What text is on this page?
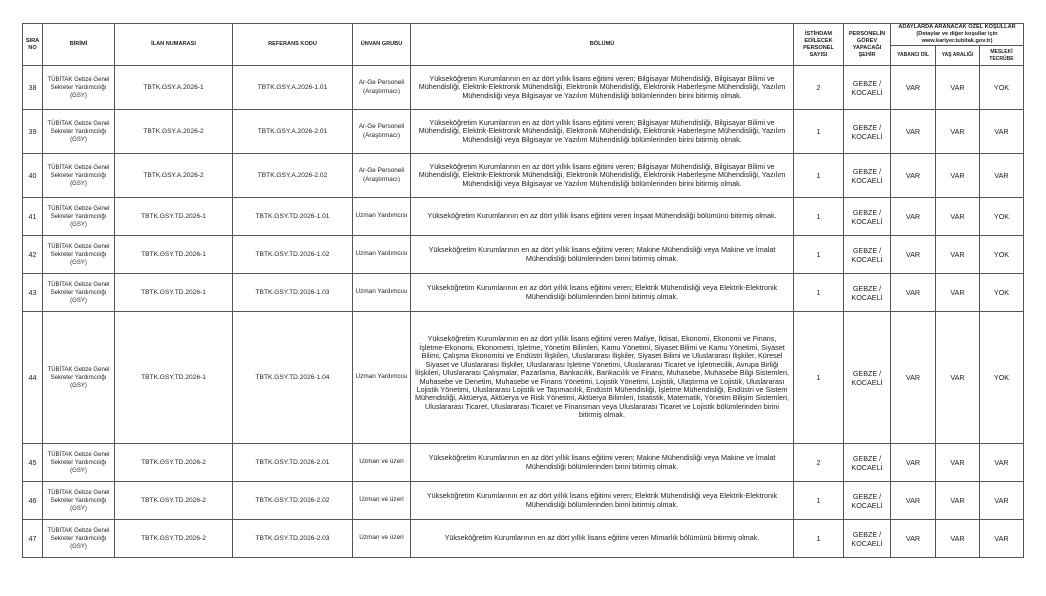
SIRA NO	BİRİMİ	İLAN NUMARASI	REFERANS KODU	ÜNVAN GRUBU	BÖLÜMÜ	İSTİHDAM EDİLECEK PERSONEL SAYISI	PERSONELİN GÖREV YAPACAĞI ŞEHİR	ADAYLARDA ARANACAK ÖZEL KOŞULLAR (Detaylar ve diğer koşullar için www.kariyer.tubitak.gov.tr)		
								YABANCI DİL	YAŞ ARALIĞI	MESLEKİ TECRÜBE
38	TÜBİTAK Gebze Genel Sekreter Yardımcılığı (GSY)	TBTK.GSY.A.2026-1	TBTK.GSY.A.2026-1.01	Ar-Ge Personeli (Araştırmacı)	Yükseköğretim Kurumlarının en az dört yıllık lisans eğitimi veren; Bilgisayar Mühendisliği, Bilgisayar Bilimi ve Mühendisliği, Elektrik-Elektronik Mühendisliği, Elektronik Mühendisliği, Elektronik Haberleşme Mühendisliği, Yazılım Mühendisliği veya Bilgisayar ve Yazılım Mühendisliği bölümlerinden birini bitirmiş olmak.	2	GEBZE / KOCAELİ	VAR	VAR	YOK
39	TÜBİTAK Gebze Genel Sekreter Yardımcılığı (GSY)	TBTK.GSY.A.2026-2	TBTK.GSY.A.2026-2.01	Ar-Ge Personeli (Araştırmacı)	Yükseköğretim Kurumlarının en az dört yıllık lisans eğitimi veren; Bilgisayar Mühendisliği, Bilgisayar Bilimi ve Mühendisliği, Elektrik-Elektronik Mühendisliği, Elektronik Mühendisliği, Elektronik Haberleşme Mühendisliği, Yazılım Mühendisliği veya Bilgisayar ve Yazılım Mühendisliği bölümlerinden birini bitirmiş olmak.	1	GEBZE / KOCAELİ	VAR	VAR	VAR
40	TÜBİTAK Gebze Genel Sekreter Yardımcılığı (GSY)	TBTK.GSY.A.2026-2	TBTK.GSY.A.2026-2.02	Ar-Ge Personeli (Araştırmacı)	Yükseköğretim Kurumlarının en az dört yıllık lisans eğitimi veren; Bilgisayar Mühendisliği, Bilgisayar Bilimi ve Mühendisliği, Elektrik-Elektronik Mühendisliği, Elektronik Mühendisliği, Elektronik Haberleşme Mühendisliği, Yazılım Mühendisliği veya Bilgisayar ve Yazılım Mühendisliği bölümlerinden birini bitirmiş olmak.	1	GEBZE / KOCAELİ	VAR	VAR	VAR
41	TÜBİTAK Gebze Genel Sekreter Yardımcılığı (GSY)	TBTK.GSY.TD.2026-1	TBTK.GSY.TD.2026-1.01	Uzman Yardımcısı	Yükseköğretim Kurumlarının en az dört yıllık lisans eğitimi veren İnşaat Mühendisliği bölümünü bitirmiş olmak.	1	GEBZE / KOCAELİ	VAR	VAR	YOK
42	TÜBİTAK Gebze Genel Sekreter Yardımcılığı (GSY)	TBTK.GSY.TD.2026-1	TBTK.GSY.TD.2026-1.02	Uzman Yardımcısı	Yükseköğretim Kurumlarının en az dört yıllık lisans eğitimi veren; Makine Mühendisliği veya Makine ve İmalat Mühendisliği bölümlerinden birini bitirmiş olmak.	1	GEBZE / KOCAELİ	VAR	VAR	YOK
43	TÜBİTAK Gebze Genel Sekreter Yardımcılığı (GSY)	TBTK.GSY.TD.2026-1	TBTK.GSY.TD.2026-1.03	Uzman Yardımcısı	Yükseköğretim Kurumlarının en az dört yıllık lisans eğitimi veren; Elektrik Mühendisliği veya Elektrik-Elektronik Mühendisliği bölümlerinden birini bitirmiş olmak.	1	GEBZE / KOCAELİ	VAR	VAR	YOK
44	TÜBİTAK Gebze Genel Sekreter Yardımcılığı (GSY)	TBTK.GSY.TD.2026-1	TBTK.GSY.TD.2026-1.04	Uzman Yardımcısı	Yükseköğretim Kurumlarının en az dört yıllık lisans eğitimi veren Maliye, İktisat, Ekonomi, Ekonomi ve Finans, İşletme-Ekonomi, Ekonometri, İşletme, Yönetim Bilimleri, Kamu Yönetimi, Siyaset Bilimi ve Kamu Yönetimi, Siyaset Bilimi, Çalışma Ekonomisi ve Endüstri İlişkileri, Uluslararası İlişkiler, Siyaset Bilimi ve Uluslararası İlişkiler, Küresel Siyaset ve Uluslararası İlişkiler, Uluslararası İşletme Yönetimi, Uluslararası Ticaret ve İşletmecilik, Avrupa Birliği İlişkileri, Uluslararası Çalışmalar, Pazarlama, Bankacılık, Bankacılık ve Finans, Muhasebe, Muhasebe Bilgi Sistemleri, Muhasebe ve Denetim, Muhasebe ve Finans Yönetimi, Lojistik Yönetimi, Lojistik, Ulaştırma ve Lojistik, Uluslararası Lojistik Yönetimi, Uluslararası Lojistik ve Taşımacılık, Endüstri Mühendisliği, İşletme Mühendisliği, Endüstri ve Sistem Mühendisliği, Aktüerya, Aktüerya ve Risk Yönetimi, Aktüerya Bilimleri, İstatistik, Matematik, Yönetim Bilişim Sistemleri, Uluslararası Ticaret, Uluslararası Ticaret ve Finansman veya Uluslararası Ticaret ve Lojistik bölümlerinden birini bitirmiş olmak.	1	GEBZE / KOCAELİ	VAR	VAR	YOK
45	TÜBİTAK Gebze Genel Sekreter Yardımcılığı (GSY)	TBTK.GSY.TD.2026-2	TBTK.GSY.TD.2026-2.01	Uzman ve üzeri	Yükseköğretim Kurumlarının en az dört yıllık lisans eğitimi veren; Makine Mühendisliği veya Makine ve İmalat Mühendisliği bölümlerinden birini bitirmiş olmak.	2	GEBZE / KOCAELİ	VAR	VAR	VAR
46	TÜBİTAK Gebze Genel Sekreter Yardımcılığı (GSY)	TBTK.GSY.TD.2026-2	TBTK.GSY.TD.2026-2.02	Uzman ve üzeri	Yükseköğretim Kurumlarının en az dört yıllık lisans eğitimi veren; Elektrik Mühendisliği veya Elektrik-Elektronik Mühendisliği bölümlerinden birini bitirmiş olmak.	1	GEBZE / KOCAELİ	VAR	VAR	VAR
47	TÜBİTAK Gebze Genel Sekreter Yardımcılığı (GSY)	TBTK.GSY.TD.2026-2	TBTK.GSY.TD.2026-2.03	Uzman ve üzeri	Yükseköğretim Kurumlarının en az dört yıllık lisans eğitimi veren Mimarlık bölümünü bitirmiş olmak.	1	GEBZE / KOCAELİ	VAR	VAR	VAR
